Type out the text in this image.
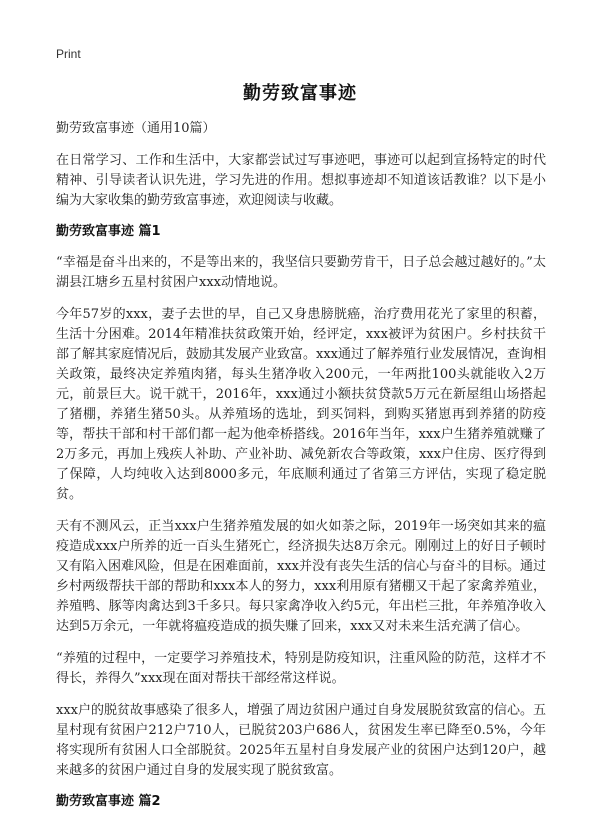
Print
勤劳致富事迹

勤劳致富事迹（通用10篇）

在日常学习、工作和生活中，大家都尝试过写事迹吧，事迹可以起到宣扬特定的时代精神、引导读者认识先进，学习先进的作用。想拟事迹却不知道该话教谁？以下是小编为大家收集的勤劳致富事迹，欢迎阅读与收藏。

勤劳致富事迹 篇1

“幸福是奋斗出来的，不是等出来的，我坚信只要勤劳肯干，日子总会越过越好的。”太湖县江塘乡五星村贫困户xxx动情地说。

今年57岁的xxx，妻子去世的早，自己又身患膀胱癌，治疗费用花光了家里的积蓄，生活十分困难。2014年精准扶贫政策开始，经评定，xxx被评为贫困户。乡村扶贫干部了解其家庭情况后，鼓励其发展产业致富。xxx通过了解养殖行业发展情况，查询相关政策，最终决定养殖肉猪，每头生猪净收入200元，一年两批100头就能收入2万元，前景巨大。说干就干，2016年，xxx通过小额扶贫贷款5万元在新屋组山场搭起了猪棚，养猪生猪50头。从养殖场的选址，到买饲料，到购买猪崽再到养猪的防疫等，帮扶干部和村干部们都一起为他牵桥搭线。2016年当年，xxx户生猪养殖就赚了2万多元，再加上残疾人补助、产业补助、减免新农合等政策，xxx户住房、医疗得到了保障，人均纯收入达到8000多元，年底顺利通过了省第三方评估，实现了稳定脱贫。

天有不测风云，正当xxx户生猪养殖发展的如火如荼之际，2019年一场突如其来的瘟疫造成xxx户所养的近一百头生猪死亡，经济损失达8万余元。刚刚过上的好日子顿时又有陷入困难风险，但是在困难面前，xxx并没有丧失生活的信心与奋斗的目标。通过乡村两级帮扶干部的帮助和xxx本人的努力，xxx利用原有猪棚又干起了家禽养殖业，养殖鸭、豚等肉禽达到3千多只。每只家禽净收入约5元，年出栏三批，年养殖净收入达到5万余元，一年就将瘟疫造成的损失赚了回来，xxx又对未来生活充满了信心。

“养殖的过程中，一定要学习养殖技术，特别是防疫知识，注重风险的防范，这样才不得长，养得久”xxx现在面对帮扶干部经常这样说。

xxx户的脱贫故事感染了很多人，增强了周边贫困户通过自身发展脱贫致富的信心。五星村现有贫困户212户710人，已脱贫203户686人，贫困发生率已降至0.5%，今年将实现所有贫困人口全部脱贫。2025年五星村自身发展产业的贫困户达到120户，越来越多的贫困户通过自身的发展实现了脱贫致富。

勤劳致富事迹 篇2
